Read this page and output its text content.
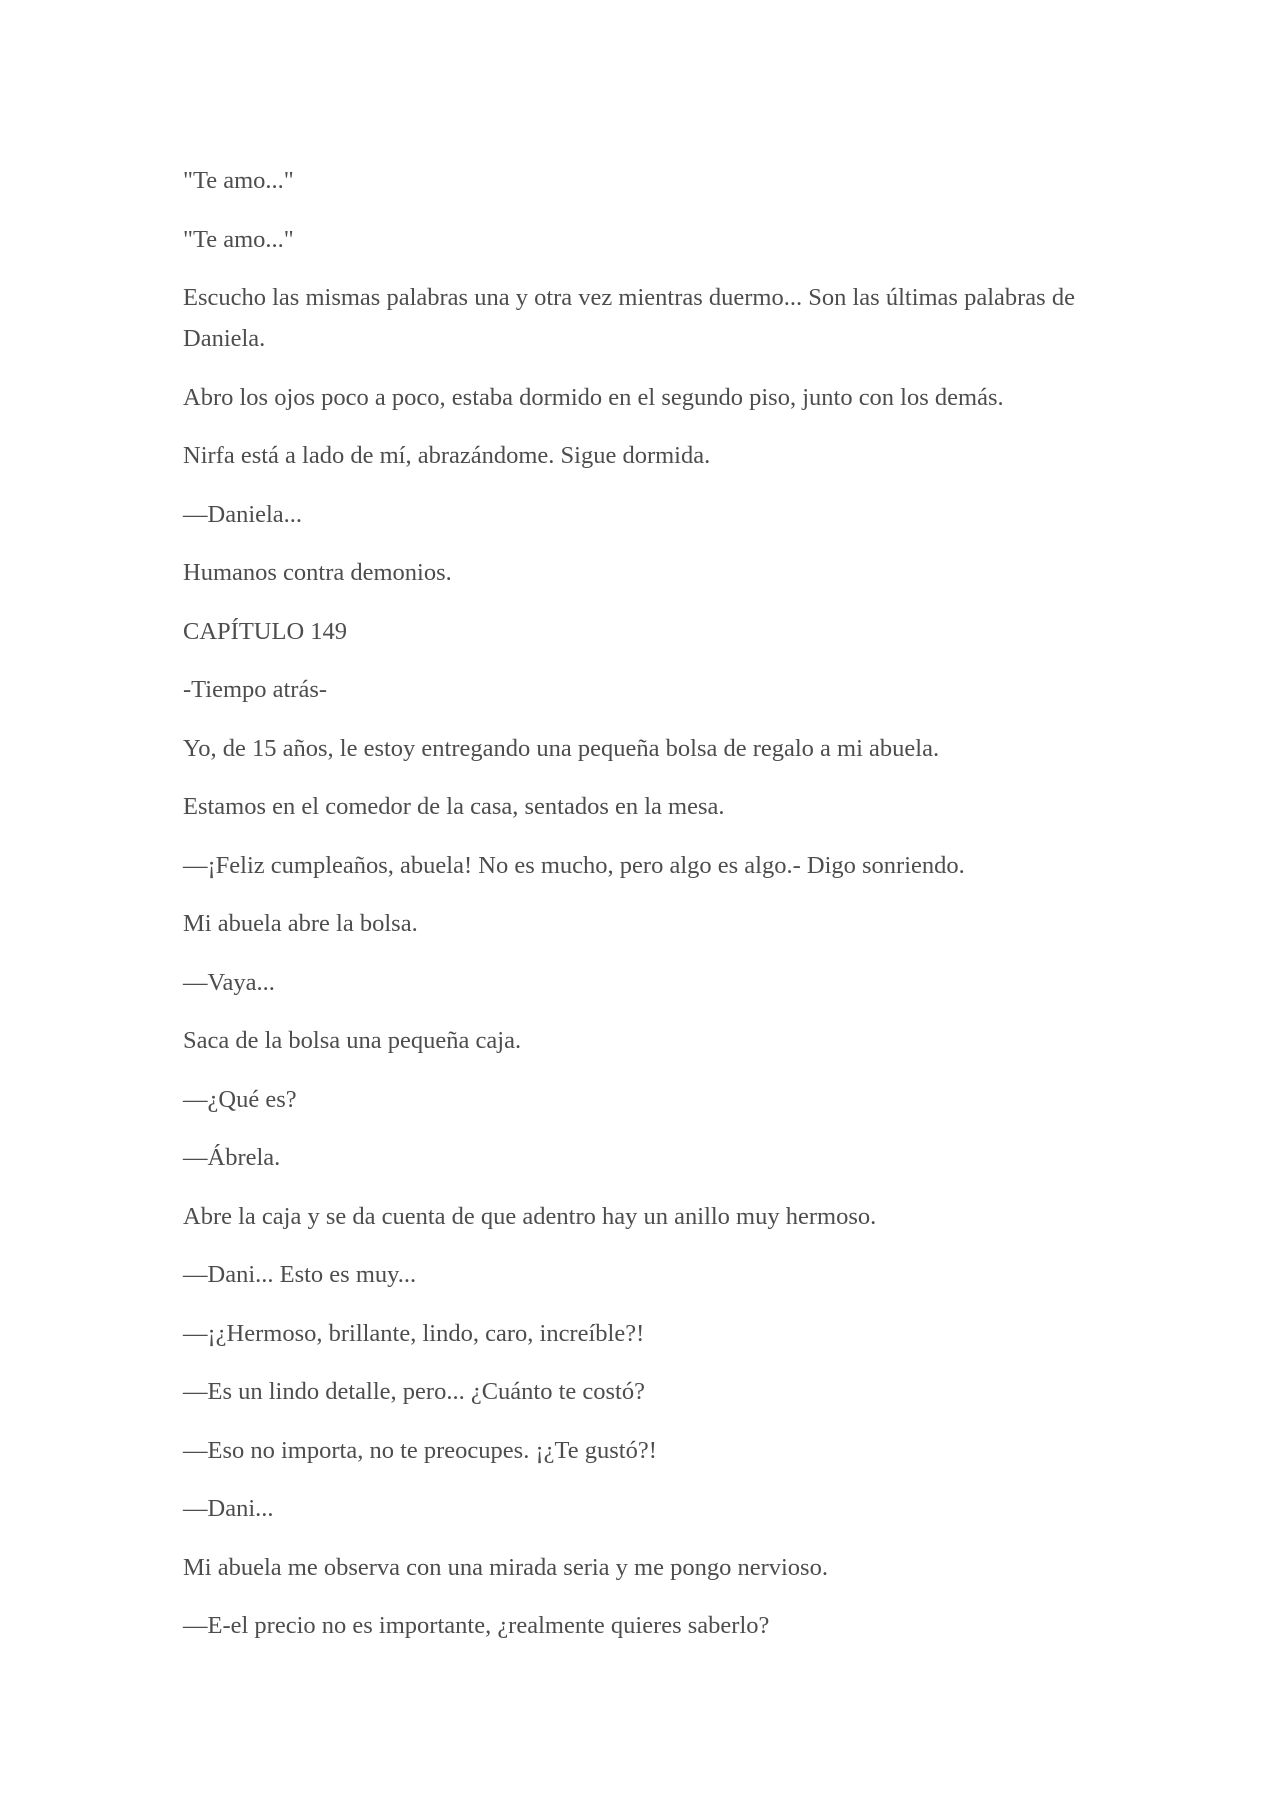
"Te amo..."

"Te amo..."

Escucho las mismas palabras una y otra vez mientras duermo... Son las últimas palabras de Daniela.

Abro los ojos poco a poco, estaba dormido en el segundo piso, junto con los demás.

Nirfa está a lado de mí, abrazándome. Sigue dormida.

—Daniela...

Humanos contra demonios.

CAPÍTULO 149

-Tiempo atrás-

Yo, de 15 años, le estoy entregando una pequeña bolsa de regalo a mi abuela.

Estamos en el comedor de la casa, sentados en la mesa.

—¡Feliz cumpleaños, abuela! No es mucho, pero algo es algo.- Digo sonriendo.

Mi abuela abre la bolsa.

—Vaya...

Saca de la bolsa una pequeña caja.

—¿Qué es?

—Ábrela.

Abre la caja y se da cuenta de que adentro hay un anillo muy hermoso.

—Dani... Esto es muy...

—¡¿Hermoso, brillante, lindo, caro, increíble?!

—Es un lindo detalle, pero... ¿Cuánto te costó?

—Eso no importa, no te preocupes. ¡¿Te gustó?!

—Dani...

Mi abuela me observa con una mirada seria y me pongo nervioso.

—E-el precio no es importante, ¿realmente quieres saberlo?
